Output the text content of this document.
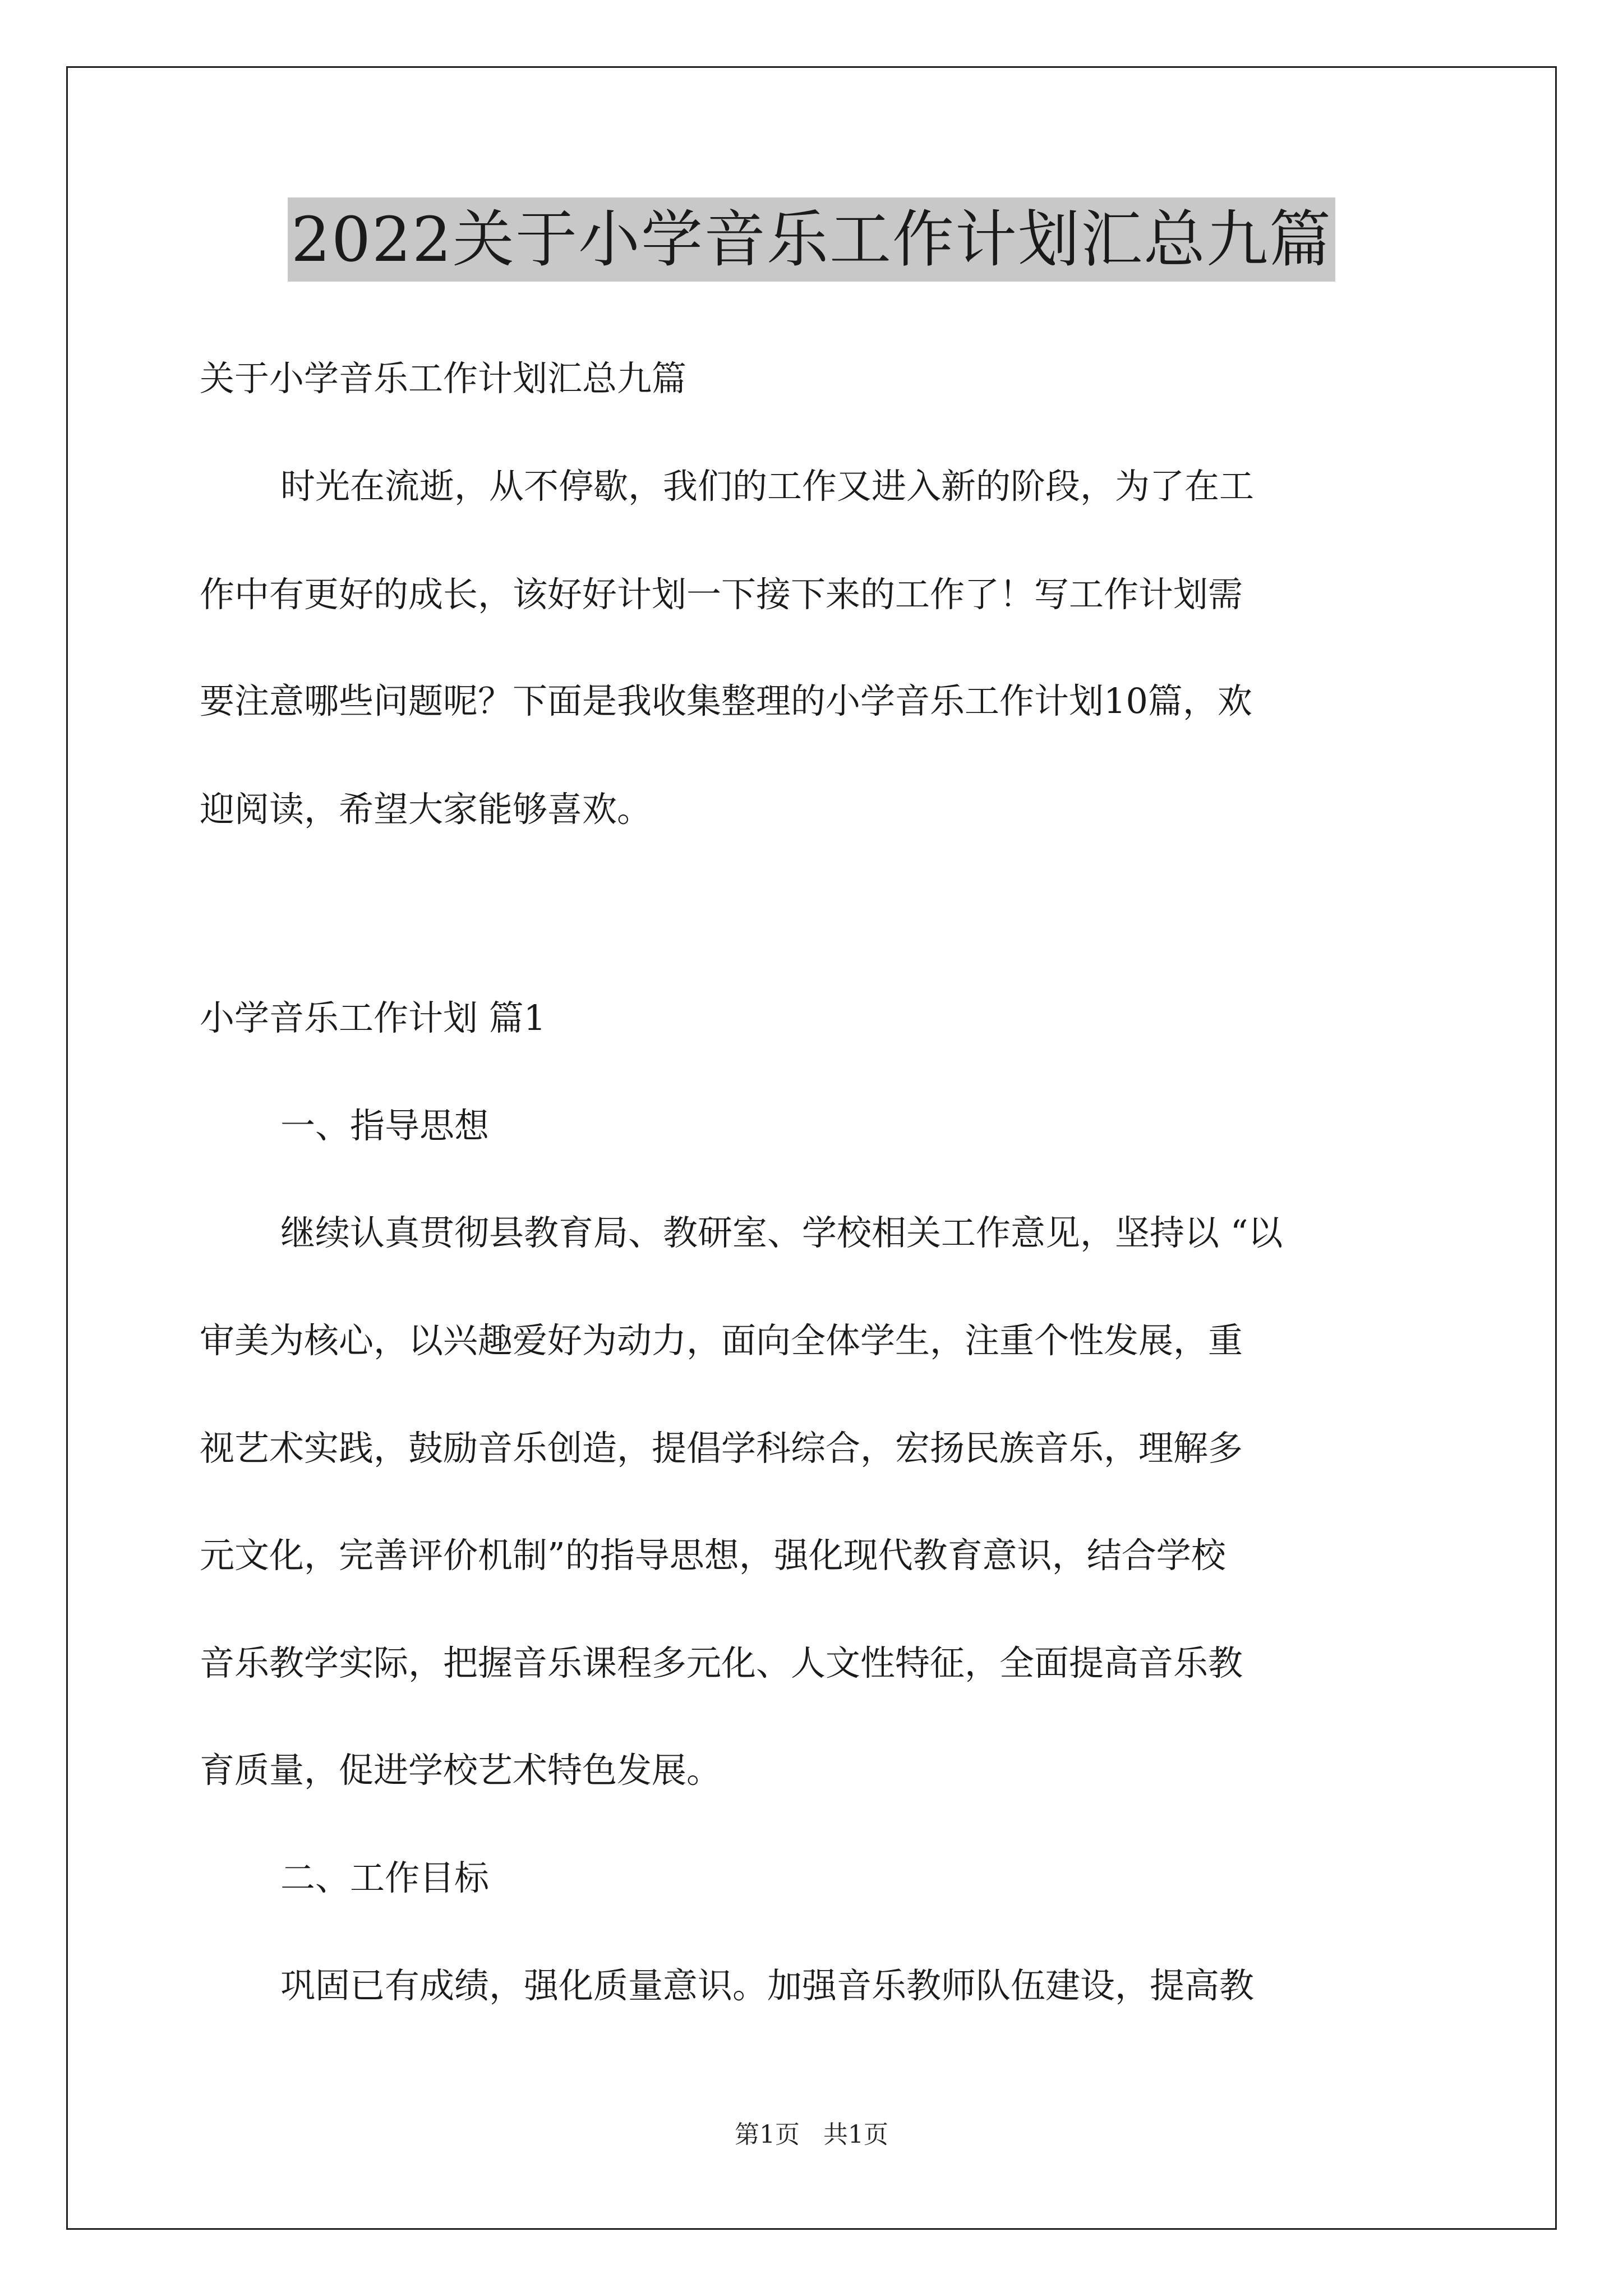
2022关于小学音乐工作计划汇总九篇
关于小学音乐工作计划汇总九篇
时光在流逝，从不停歇，我们的工作又进入新的阶段，为了在工
作中有更好的成长，该好好计划一下接下来的工作了！写工作计划需
要注意哪些问题呢？下面是我收集整理的小学音乐工作计划10篇，欢
迎阅读，希望大家能够喜欢。
小学音乐工作计划 篇1
一、指导思想
继续认真贯彻县教育局、教研室、学校相关工作意见，坚持以 “以
审美为核心，以兴趣爱好为动力，面向全体学生，注重个性发展，重
视艺术实践，鼓励音乐创造，提倡学科综合，宏扬民族音乐，理解多
元文化，完善评价机制”的指导思想，强化现代教育意识，结合学校
音乐教学实际，把握音乐课程多元化、人文性特征，全面提高音乐教
育质量，促进学校艺术特色发展。
二、工作目标
巩固已有成绩，强化质量意识。加强音乐教师队伍建设，提高教
第1页 共1页
